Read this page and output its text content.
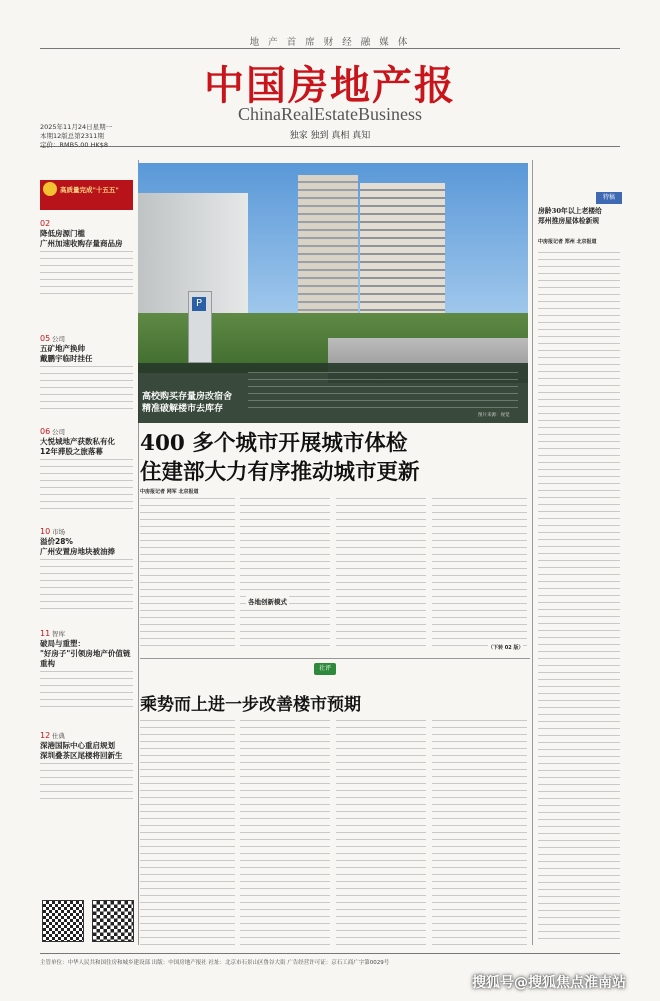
地 产 首 席 财 经 融 媒 体
中国房地产报
ChinaRealEstateBusiness
独家 独到 真相 真知
2025年11月24日星期一
本期12版总第2311期
定价：RMB5.00 HK$8
高质量完成"十五五"
02
降低房源门槛
广州加速收购存量商品房
05 公司
五矿地产换帅
戴鹏宇临时挂任
06 公司
大悦城地产获数私有化
12年滞股之旅落幕
10 市场
溢价28%
广州安置房地块被油捧
11 智库
破局与重塑：
"好房子"引领房地产价值链重构
12 仕典
深港国际中心重启规划
深圳叠茶区尾楼将回新生
P
高校购买存量房改宿舍
精准破解楼市去库存
图片来源：视觉
特稿
房龄30年以上老楼给
郑州推房屋体检新规
中房报记者 郑州 北京报道
400 多个城市开展城市体检
住建部大力有序推动城市更新
中房报记者 网军 北京报道
各地创新模式
（下转 02 版）
社评
乘势而上进一步改善楼市预期
主管单位：中华人民共和国住房和城乡建设部 出版：中国房地产报社 社址：北京市石景山区鲁谷大街 广告经营许可证：京石工商广字第0029号
搜狐号@搜狐焦点淮南站
